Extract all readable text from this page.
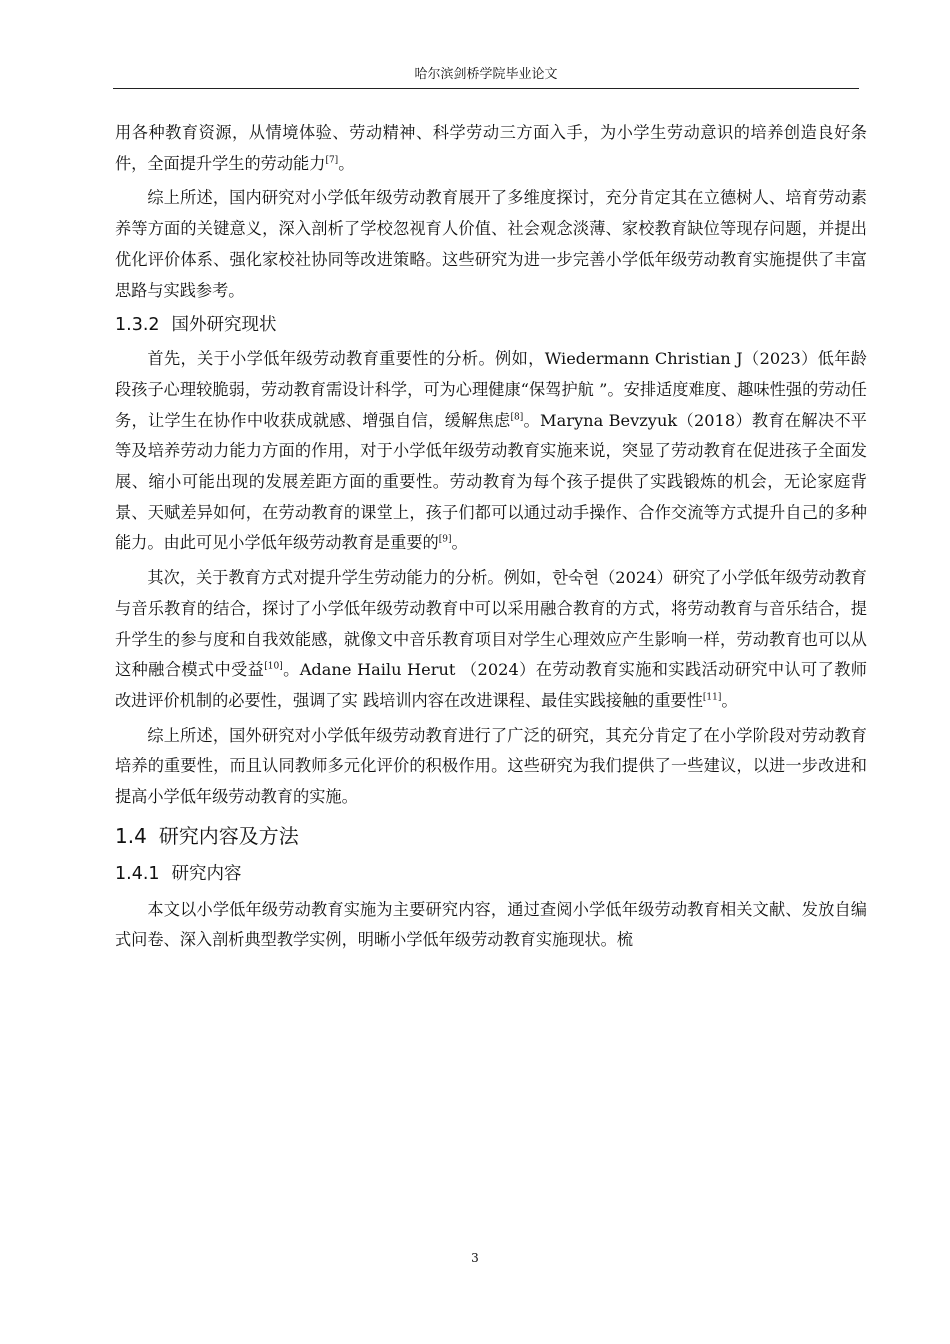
哈尔滨剑桥学院毕业论文

用各种教育资源，从情境体验、劳动精神、科学劳动三方面入手，为小学生劳动意识的培养创造良好条件，全面提升学生的劳动能力[7]。

综上所述，国内研究对小学低年级劳动教育展开了多维度探讨，充分肯定其在立德树人、培育劳动素养等方面的关键意义，深入剖析了学校忽视育人价值、社会观念淡薄、家校教育缺位等现存问题，并提出优化评价体系、强化家校社协同等改进策略。这些研究为进一步完善小学低年级劳动教育实施提供了丰富思路与实践参考。

1.3.2 国外研究现状

首先，关于小学低年级劳动教育重要性的分析。例如，Wiedermann Christian J（2023）低年龄段孩子心理较脆弱，劳动教育需设计科学，可为心理健康“保驾护航 ”。安排适度难度、趣味性强的劳动任务，让学生在协作中收获成就感、增强自信，缓解焦虑[8]。Maryna Bevzyuk（2018）教育在解决不平等及培养劳动力能力方面的作用，对于小学低年级劳动教育实施来说，突显了劳动教育在促进孩子全面发展、缩小可能出现的发展差距方面的重要性。劳动教育为每个孩子提供了实践锻炼的机会，无论家庭背景、天赋差异如何，在劳动教育的课堂上，孩子们都可以通过动手操作、合作交流等方式提升自己的多种能力。由此可见小学低年级劳动教育是重要的[9]。

其次，关于教育方式对提升学生劳动能力的分析。例如，한숙현（2024）研究了小学低年级劳动教育与音乐教育的结合，探讨了小学低年级劳动教育中可以采用融合教育的方式，将劳动教育与音乐结合，提升学生的参与度和自我效能感，就像文中音乐教育项目对学生心理效应产生影响一样，劳动教育也可以从这种融合模式中受益[10]。Adane Hailu Herut （2024）在劳动教育实施和实践活动研究中认可了教师改进评价机制的必要性，强调了实 践培训内容在改进课程、最佳实践接触的重要性[11]。

综上所述，国外研究对小学低年级劳动教育进行了广泛的研究，其充分肯定了在小学阶段对劳动教育培养的重要性，而且认同教师多元化评价的积极作用。这些研究为我们提供了一些建议，以进一步改进和提高小学低年级劳动教育的实施。

1.4 研究内容及方法
1.4.1 研究内容

本文以小学低年级劳动教育实施为主要研究内容，通过查阅小学低年级劳动教育相关文献、发放自编式问卷、深入剖析典型教学实例，明晰小学低年级劳动教育实施现状。梳

3
